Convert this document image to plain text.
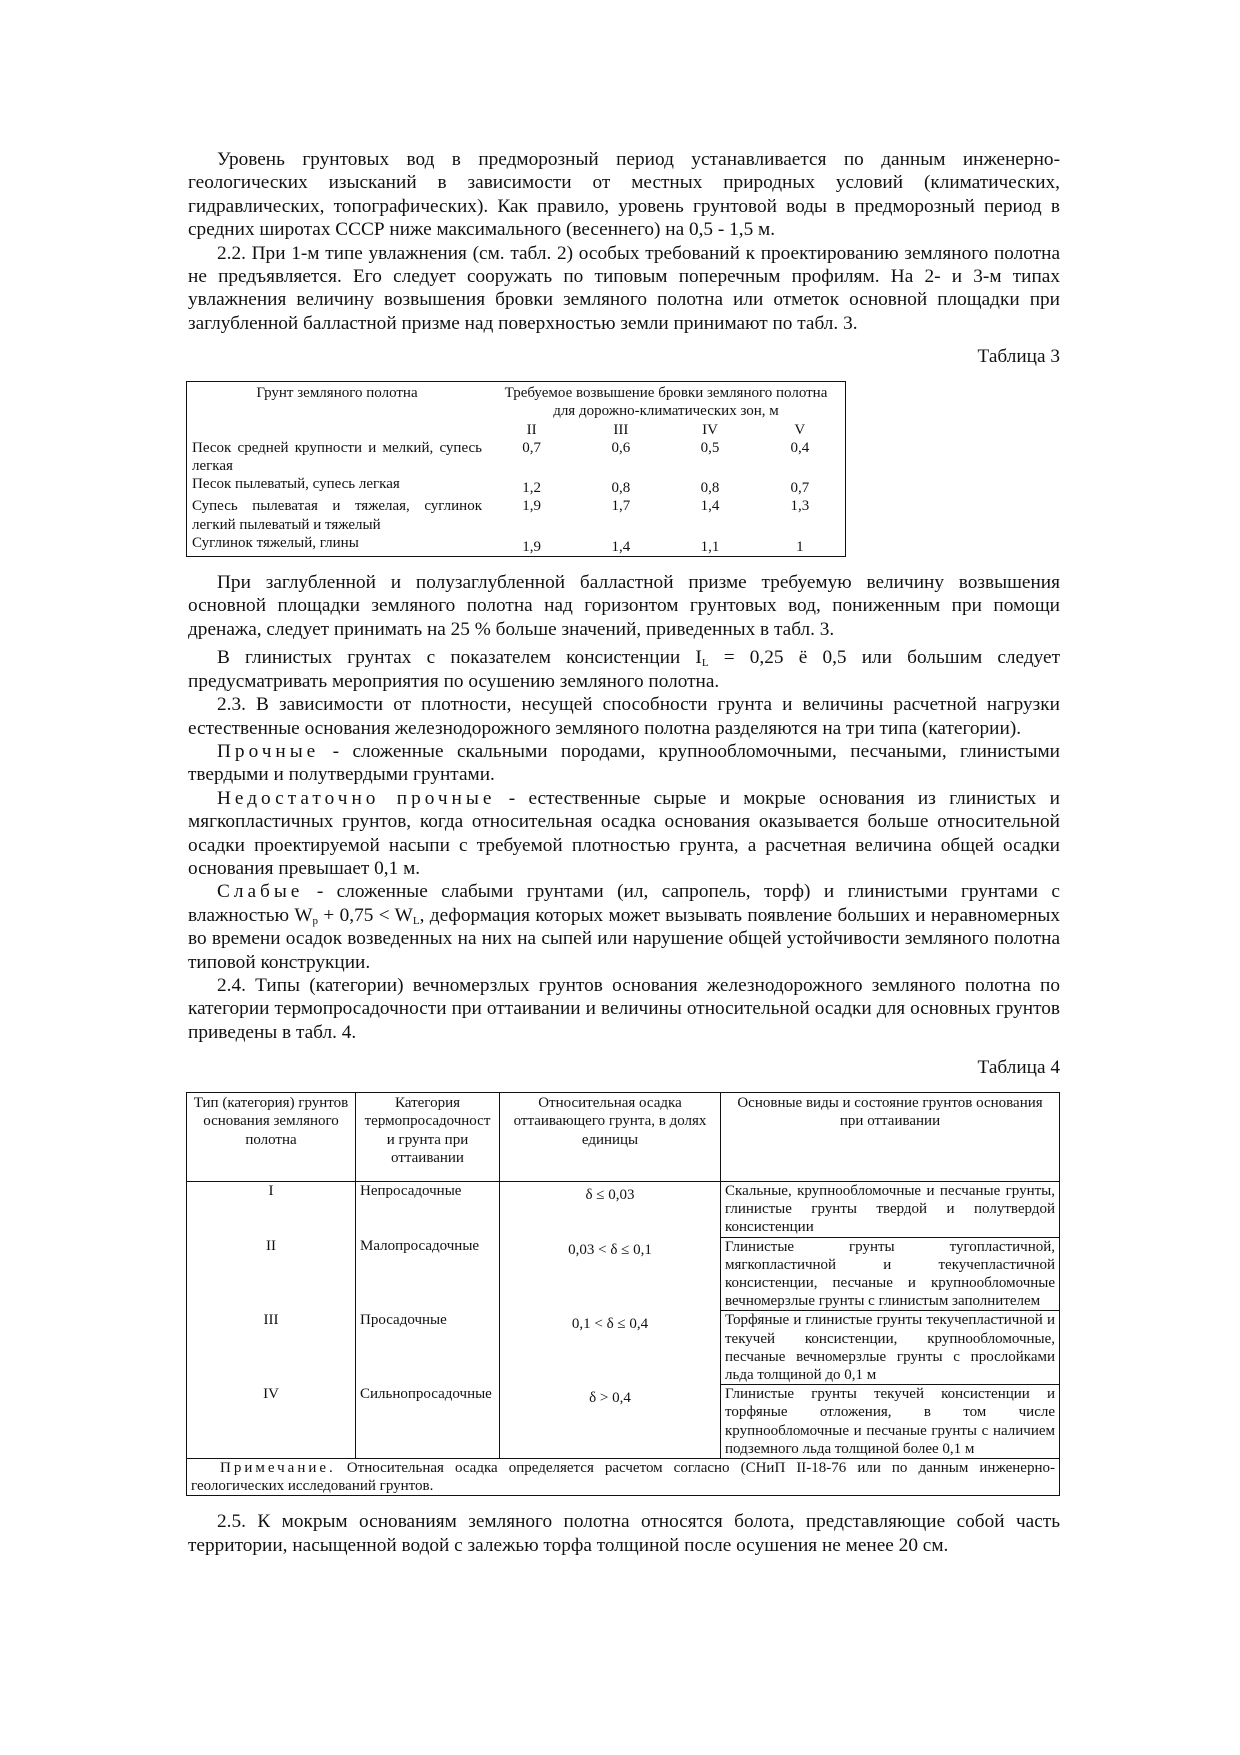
Уровень грунтовых вод в предморозный период устанавливается по данным инженерно-геологических изысканий в зависимости от местных природных условий (климатических, гидравлических, топографических). Как правило, уровень грунтовой воды в предморозный период в средних широтах СССР ниже максимального (весеннего) на 0,5 - 1,5 м.

2.2. При 1-м типе увлажнения (см. табл. 2) особых требований к проектированию земляного полотна не предъявляется. Его следует сооружать по типовым поперечным профилям. На 2- и 3-м типах увлажнения величину возвышения бровки земляного полотна или отметок основной площадки при заглубленной балластной призме над поверхностью земли принимают по табл. 3.

Таблица 3
Грунт земляного полотна	Требуемое возвышение бровки земляного полотна для дорожно-климатических зон, м			
	II	III	IV	V
Песок средней крупности и мелкий, супесь легкая	0,7	0,6	0,5	0,4
Песок пылеватый, супесь легкая	1,2	0,8	0,8	0,7
Супесь пылеватая и тяжелая, суглинок легкий пылеватый и тяжелый	1,9	1,7	1,4	1,3
Суглинок тяжелый, глины	1,9	1,4	1,1	1

При заглубленной и полузаглубленной балластной призме требуемую величину возвышения основной площадки земляного полотна над горизонтом грунтовых вод, пониженным при помощи дренажа, следует принимать на 25 % больше значений, приведенных в табл. 3.

В глинистых грунтах с показателем консистенции $I_L = 0,25$ ё 0,5 или большим следует предусматривать мероприятия по осушению земляного полотна.

2.3. В зависимости от плотности, несущей способности грунта и величины расчетной нагрузки естественные основания железнодорожного земляного полотна разделяются на три типа (категории).

Прочные - сложенные скальными породами, крупнообломочными, песчаными, глинистыми твердыми и полутвердыми грунтами.

Недостаточно прочные - естественные сырые и мокрые основания из глинистых и мягкопластичных грунтов, когда относительная осадка основания оказывается больше относительной осадки проектируемой насыпи с требуемой плотностью грунта, а расчетная величина общей осадки основания превышает 0,1 м.

Слабые - сложенные слабыми грунтами (ил, сапропель, торф) и глинистыми грунтами с влажностью $W_p + 0,75 < W_L$, деформация которых может вызывать появление больших и неравномерных во времени осадок возведенных на них на сыпей или нарушение общей устойчивости земляного полотна типовой конструкции.

2.4. Типы (категории) вечномерзлых грунтов основания железнодорожного земляного полотна по категории термопросадочности при оттаивании и величины относительной осадки для основных грунтов приведены в табл. 4.

Таблица 4
Тип (категория) грунтов основания земляного полотна	Категория термопросадочност и грунта при оттаивании	Относительная осадка оттаивающего грунта, в долях единицы	Основные виды и состояние грунтов основания при оттаивании
I	Непросадочные	δ ≤ 0,03	Скальные, крупнообломочные и песчаные грунты, глинистые грунты твердой и полутвердой консистенции
II	Малопросадочные	0,03 < δ ≤ 0,1	Глинистые грунты тугопластичной, мягкопластичной и текучепластичной консистенции, песчаные и крупнообломочные вечномерзлые грунты с глинистым заполнителем
III	Просадочные	0,1 < δ ≤ 0,4	Торфяные и глинистые грунты текучепластичной и текучей консистенции, крупнообломочные, песчаные вечномерзлые грунты с прослойками льда толщиной до 0,1 м
IV	Сильнопросадочные	δ > 0,4	Глинистые грунты текучей консистенции и торфяные отложения, в том числе крупнообломочные и песчаные грунты с наличием подземного льда толщиной более 0,1 м
Примечание. Относительная осадка определяется расчетом согласно (СНиП II-18-76 или по данным инженерно-геологических исследований грунтов.			

2.5. К мокрым основаниям земляного полотна относятся болота, представляющие собой часть территории, насыщенной водой с залежью торфа толщиной после осушения не менее 20 см.
